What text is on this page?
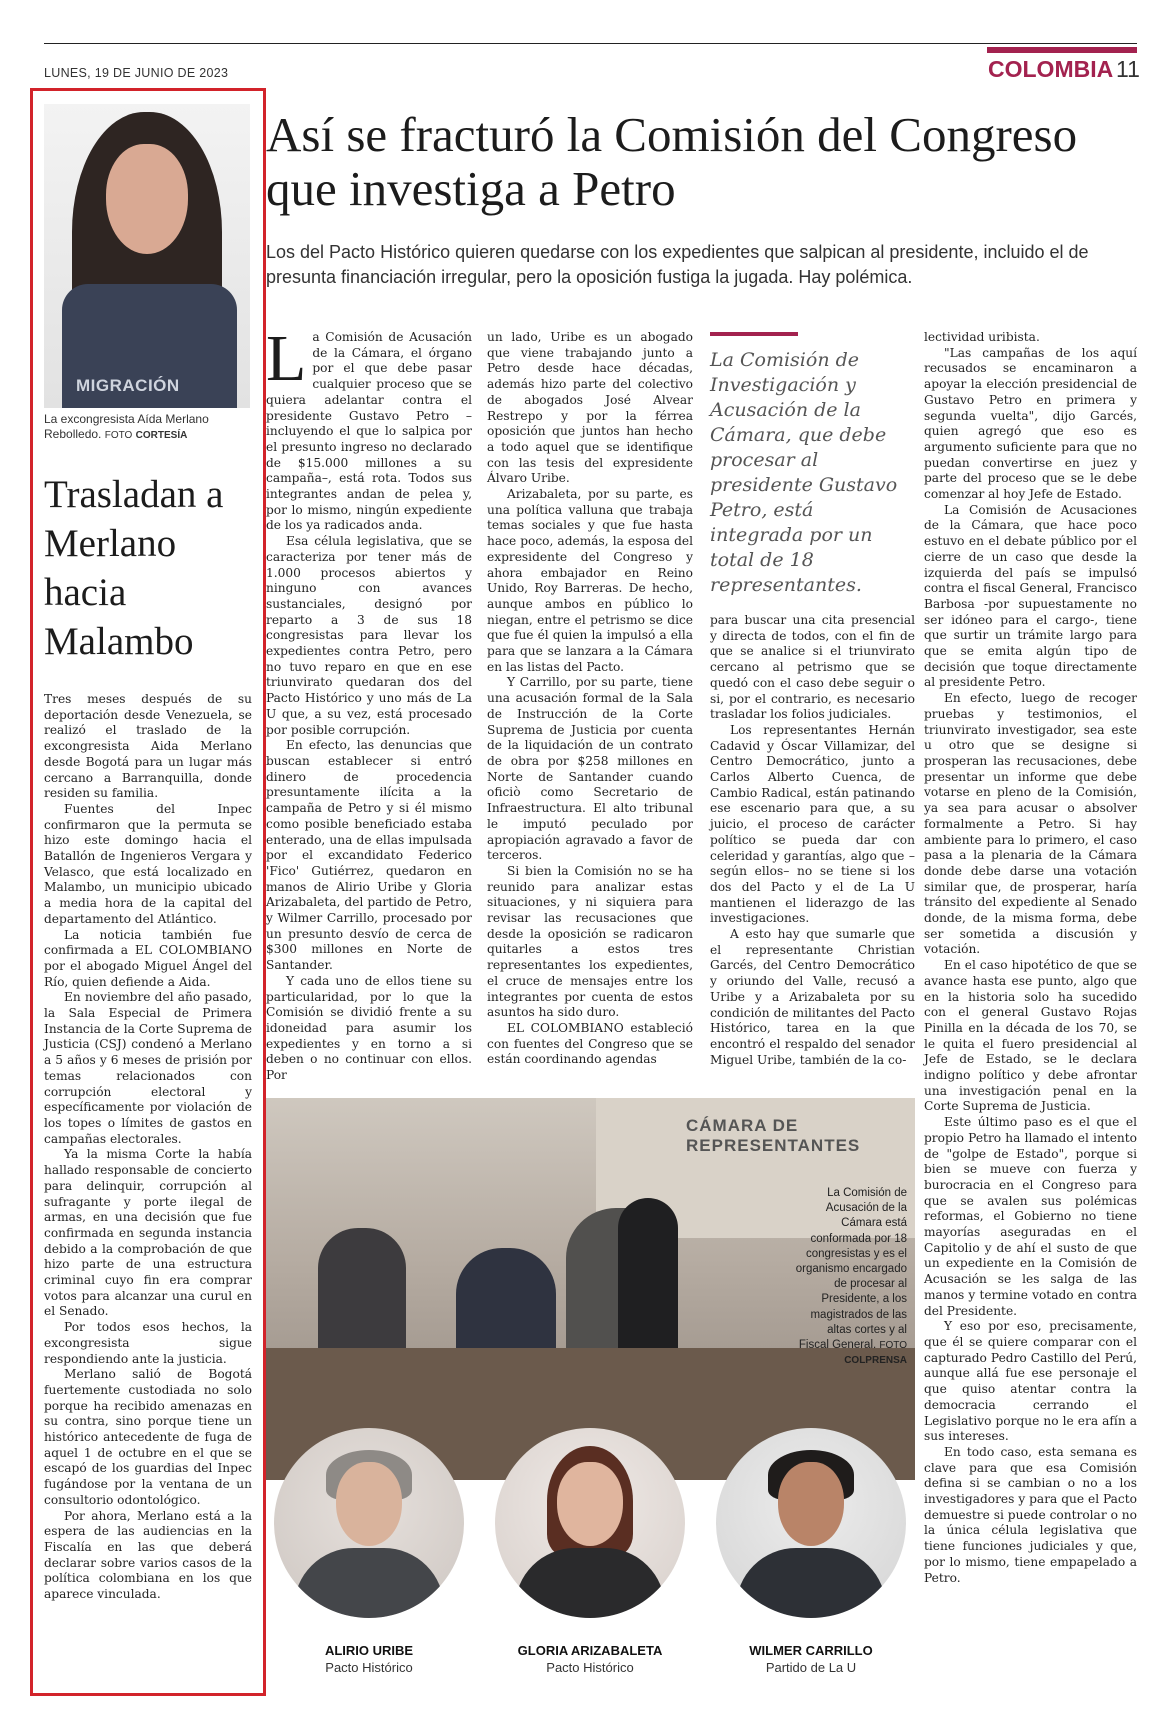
LUNES, 19 DE JUNIO DE 2023	COLOMBIA 11
MIGRACIÓN
La excongresista Aída Merlano Rebolledo. FOTO CORTESÍA
Trasladan a Merlano hacia Malambo

Tres meses después de su deportación desde Venezuela, se realizó el traslado de la excongresista Aida Merlano desde Bogotá para un lugar más cercano a Barranquilla, donde residen su familia.

Fuentes del Inpec confirmaron que la permuta se hizo este domingo hacia el Batallón de Ingenieros Vergara y Velasco, que está localizado en Malambo, un municipio ubicado a media hora de la capital del departamento del Atlántico.

La noticia también fue confirmada a EL COLOMBIANO por el abogado Miguel Ángel del Río, quien defiende a Aida.

En noviembre del año pasado, la Sala Especial de Primera Instancia de la Corte Suprema de Justicia (CSJ) condenó a Merlano a 5 años y 6 meses de prisión por temas relacionados con corrupción electoral y específicamente por violación de los topes o límites de gastos en campañas electorales.

Ya la misma Corte la había hallado responsable de concierto para delinquir, corrupción al sufragante y porte ilegal de armas, en una decisión que fue confirmada en segunda instancia debido a la comprobación de que hizo parte de una estructura criminal cuyo fin era comprar votos para alcanzar una curul en el Senado.

Por todos esos hechos, la excongresista sigue respondiendo ante la justicia.

Merlano salió de Bogotá fuertemente custodiada no solo porque ha recibido amenazas en su contra, sino porque tiene un histórico antecedente de fuga de aquel 1 de octubre en el que se escapó de los guardias del Inpec fugándose por la ventana de un consultorio odontológico.

Por ahora, Merlano está a la espera de las audiencias en la Fiscalía en las que deberá declarar sobre varios casos de la política colombiana en los que aparece vinculada.

Así se fracturó la Comisión del Congreso que investiga a Petro
Los del Pacto Histórico quieren quedarse con los expedientes que salpican al presidente, incluido el de presunta financiación irregular, pero la oposición fustiga la jugada. Hay polémica.

La Comisión de Acusación de la Cámara, el órgano por el que debe pasar cualquier proceso que se quiera adelantar contra el presidente Gustavo Petro –incluyendo el que lo salpica por el presunto ingreso no declarado de $15.000 millones a su campaña–, está rota. Todos sus integrantes andan de pelea y, por lo mismo, ningún expediente de los ya radicados anda.

Esa célula legislativa, que se caracteriza por tener más de 1.000 procesos abiertos y ninguno con avances sustanciales, designó por reparto a 3 de sus 18 congresistas para llevar los expedientes contra Petro, pero no tuvo reparo en que en ese triunvirato quedaran dos del Pacto Histórico y uno más de La U que, a su vez, está procesado por posible corrupción.

En efecto, las denuncias que buscan establecer si entró dinero de procedencia presuntamente ilícita a la campaña de Petro y si él mismo como posible beneficiado estaba enterado, una de ellas impulsada por el excandidato Federico 'Fico' Gutiérrez, quedaron en manos de Alirio Uribe y Gloria Arizabaleta, del partido de Petro, y Wilmer Carrillo, procesado por un presunto desvío de cerca de $300 millones en Norte de Santander.

Y cada uno de ellos tiene su particularidad, por lo que la Comisión se dividió frente a su idoneidad para asumir los expedientes y en torno a si deben o no continuar con ellos. Por

un lado, Uribe es un abogado que viene trabajando junto a Petro desde hace décadas, además hizo parte del colectivo de abogados José Alvear Restrepo y por la férrea oposición que juntos han hecho a todo aquel que se identifique con las tesis del expresidente Álvaro Uribe.

Arizabaleta, por su parte, es una política valluna que trabaja temas sociales y que fue hasta hace poco, además, la esposa del expresidente del Congreso y ahora embajador en Reino Unido, Roy Barreras. De hecho, aunque ambos en público lo niegan, entre el petrismo se dice que fue él quien la impulsó a ella para que se lanzara a la Cámara en las listas del Pacto.

Y Carrillo, por su parte, tiene una acusación formal de la Sala de Instrucción de la Corte Suprema de Justicia por cuenta de la liquidación de un contrato de obra por $258 millones en Norte de Santander cuando oficiò como Secretario de Infraestructura. El alto tribunal le imputó peculado por apropiación agravado a favor de terceros.

Si bien la Comisión no se ha reunido para analizar estas situaciones, y ni siquiera para revisar las recusaciones que desde la oposición se radicaron quitarles a estos tres representantes los expedientes, el cruce de mensajes entre los integrantes por cuenta de estos asuntos ha sido duro.

EL COLOMBIANO estableció con fuentes del Congreso que se están coordinando agendas

La Comisión de Investigación y Acusación de la Cámara, que debe procesar al presidente Gustavo Petro, está integrada por un total de 18 representantes.

para buscar una cita presencial y directa de todos, con el fin de que se analice si el triunvirato cercano al petrismo que se quedó con el caso debe seguir o si, por el contrario, es necesario trasladar los folios judiciales.

Los representantes Hernán Cadavid y Óscar Villamizar, del Centro Democrático, junto a Carlos Alberto Cuenca, de Cambio Radical, están patinando ese escenario para que, a su juicio, el proceso de carácter político se pueda dar con celeridad y garantías, algo que –según ellos– no se tiene si los dos del Pacto y el de La U mantienen el liderazgo de las investigaciones.

A esto hay que sumarle que el representante Christian Garcés, del Centro Democrático y oriundo del Valle, recusó a Uribe y a Arizabaleta por su condición de militantes del Pacto Histórico, tarea en la que encontró el respaldo del senador Miguel Uribe, también de la co-

lectividad uribista.

"Las campañas de los aquí recusados se encaminaron a apoyar la elección presidencial de Gustavo Petro en primera y segunda vuelta", dijo Garcés, quien agregó que eso es argumento suficiente para que no puedan convertirse en juez y parte del proceso que se le debe comenzar al hoy Jefe de Estado.

La Comisión de Acusaciones de la Cámara, que hace poco estuvo en el debate público por el cierre de un caso que desde la izquierda del país se impulsó contra el fiscal General, Francisco Barbosa -por supuestamente no ser idóneo para el cargo-, tiene que surtir un trámite largo para que se emita algún tipo de decisión que toque directamente al presidente Petro.

En efecto, luego de recoger pruebas y testimonios, el triunvirato investigador, sea este u otro que se designe si prosperan las recusaciones, debe presentar un informe que debe votarse en pleno de la Comisión, ya sea para acusar o absolver formalmente a Petro. Si hay ambiente para lo primero, el caso pasa a la plenaria de la Cámara donde debe darse una votación similar que, de prosperar, haría tránsito del expediente al Senado donde, de la misma forma, debe ser sometida a discusión y votación.

En el caso hipotético de que se avance hasta ese punto, algo que en la historia solo ha sucedido con el general Gustavo Rojas Pinilla en la década de los 70, se le quita el fuero presidencial al Jefe de Estado, se le declara indigno político y debe afrontar una investigación penal en la Corte Suprema de Justicia.

Este último paso es el que el propio Petro ha llamado el intento de "golpe de Estado", porque si bien se mueve con fuerza y burocracia en el Congreso para que se avalen sus polémicas reformas, el Gobierno no tiene mayorías aseguradas en el Capitolio y de ahí el susto de que un expediente en la Comisión de Acusación se les salga de las manos y termine votado en contra del Presidente.

Y eso por eso, precisamente, que él se quiere comparar con el capturado Pedro Castillo del Perú, aunque allá fue ese personaje el que quiso atentar contra la democracia cerrando el Legislativo porque no le era afín a sus intereses.

En todo caso, esta semana es clave para que esa Comisión defina si se cambian o no a los investigadores y para que el Pacto demuestre si puede controlar o no la única célula legislativa que tiene funciones judiciales y que, por lo mismo, tiene empapelado a Petro.

CÁMARA DE REPRESENTANTES
La Comisión de Acusación de la Cámara está conformada por 18 congresistas y es el organismo encargado de procesar al Presidente, a los magistrados de las altas cortes y al Fiscal General. FOTO COLPRENSA
ALIRIO URIBE
Pacto Histórico
GLORIA ARIZABALETA
Pacto Histórico
WILMER CARRILLO
Partido de La U
